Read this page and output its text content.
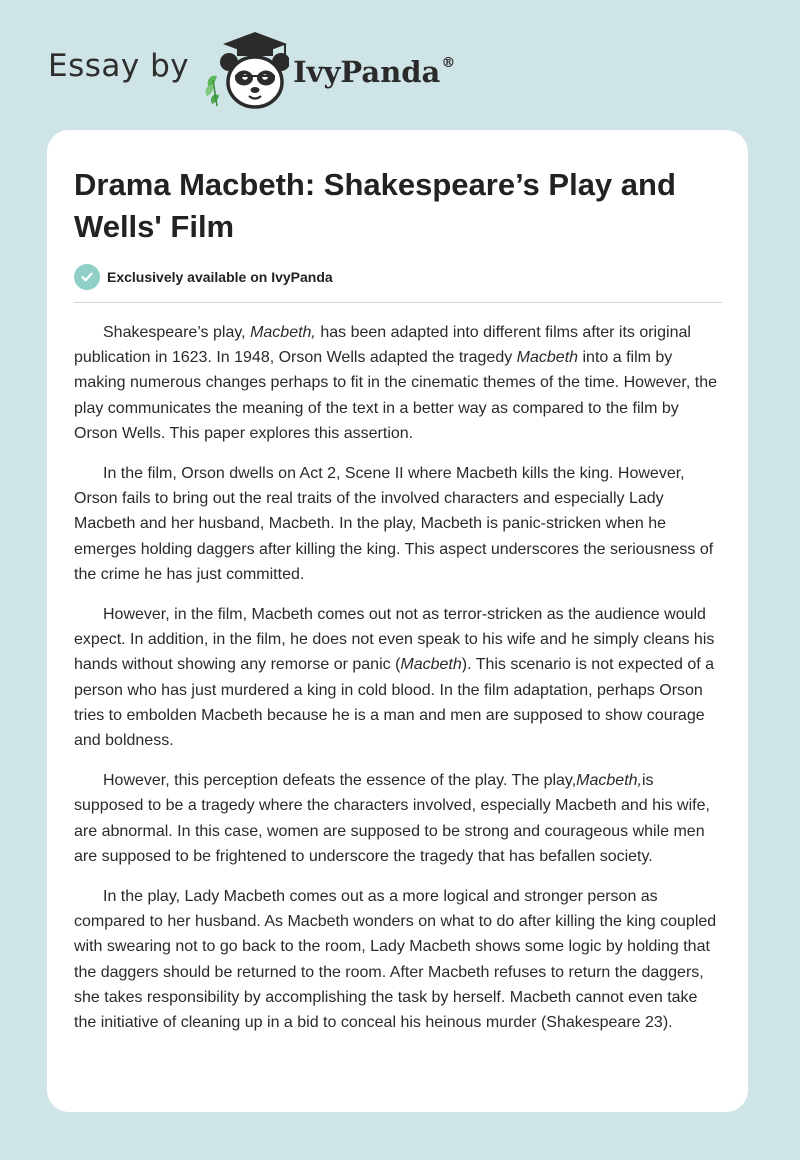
Essay by	IvyPanda®
Drama Macbeth: Shakespeare’s Play and Wells' Film
Exclusively available on IvyPanda

Shakespeare’s play, Macbeth, has been adapted into different films after its original publication in 1623. In 1948, Orson Wells adapted the tragedy Macbeth into a film by making numerous changes perhaps to fit in the cinematic themes of the time. However, the play communicates the meaning of the text in a better way as compared to the film by Orson Wells. This paper explores this assertion.

In the film, Orson dwells on Act 2, Scene II where Macbeth kills the king. However, Orson fails to bring out the real traits of the involved characters and especially Lady Macbeth and her husband, Macbeth. In the play, Macbeth is panic-stricken when he emerges holding daggers after killing the king. This aspect underscores the seriousness of the crime he has just committed.

However, in the film, Macbeth comes out not as terror-stricken as the audience would expect. In addition, in the film, he does not even speak to his wife and he simply cleans his hands without showing any remorse or panic (Macbeth). This scenario is not expected of a person who has just murdered a king in cold blood. In the film adaptation, perhaps Orson tries to embolden Macbeth because he is a man and men are supposed to show courage and boldness.

However, this perception defeats the essence of the play. The play,Macbeth,is supposed to be a tragedy where the characters involved, especially Macbeth and his wife, are abnormal. In this case, women are supposed to be strong and courageous while men are supposed to be frightened to underscore the tragedy that has befallen society.

In the play, Lady Macbeth comes out as a more logical and stronger person as compared to her husband. As Macbeth wonders on what to do after killing the king coupled with swearing not to go back to the room, Lady Macbeth shows some logic by holding that the daggers should be returned to the room. After Macbeth refuses to return the daggers, she takes responsibility by accomplishing the task by herself. Macbeth cannot even take the initiative of cleaning up in a bid to conceal his heinous murder (Shakespeare 23).
